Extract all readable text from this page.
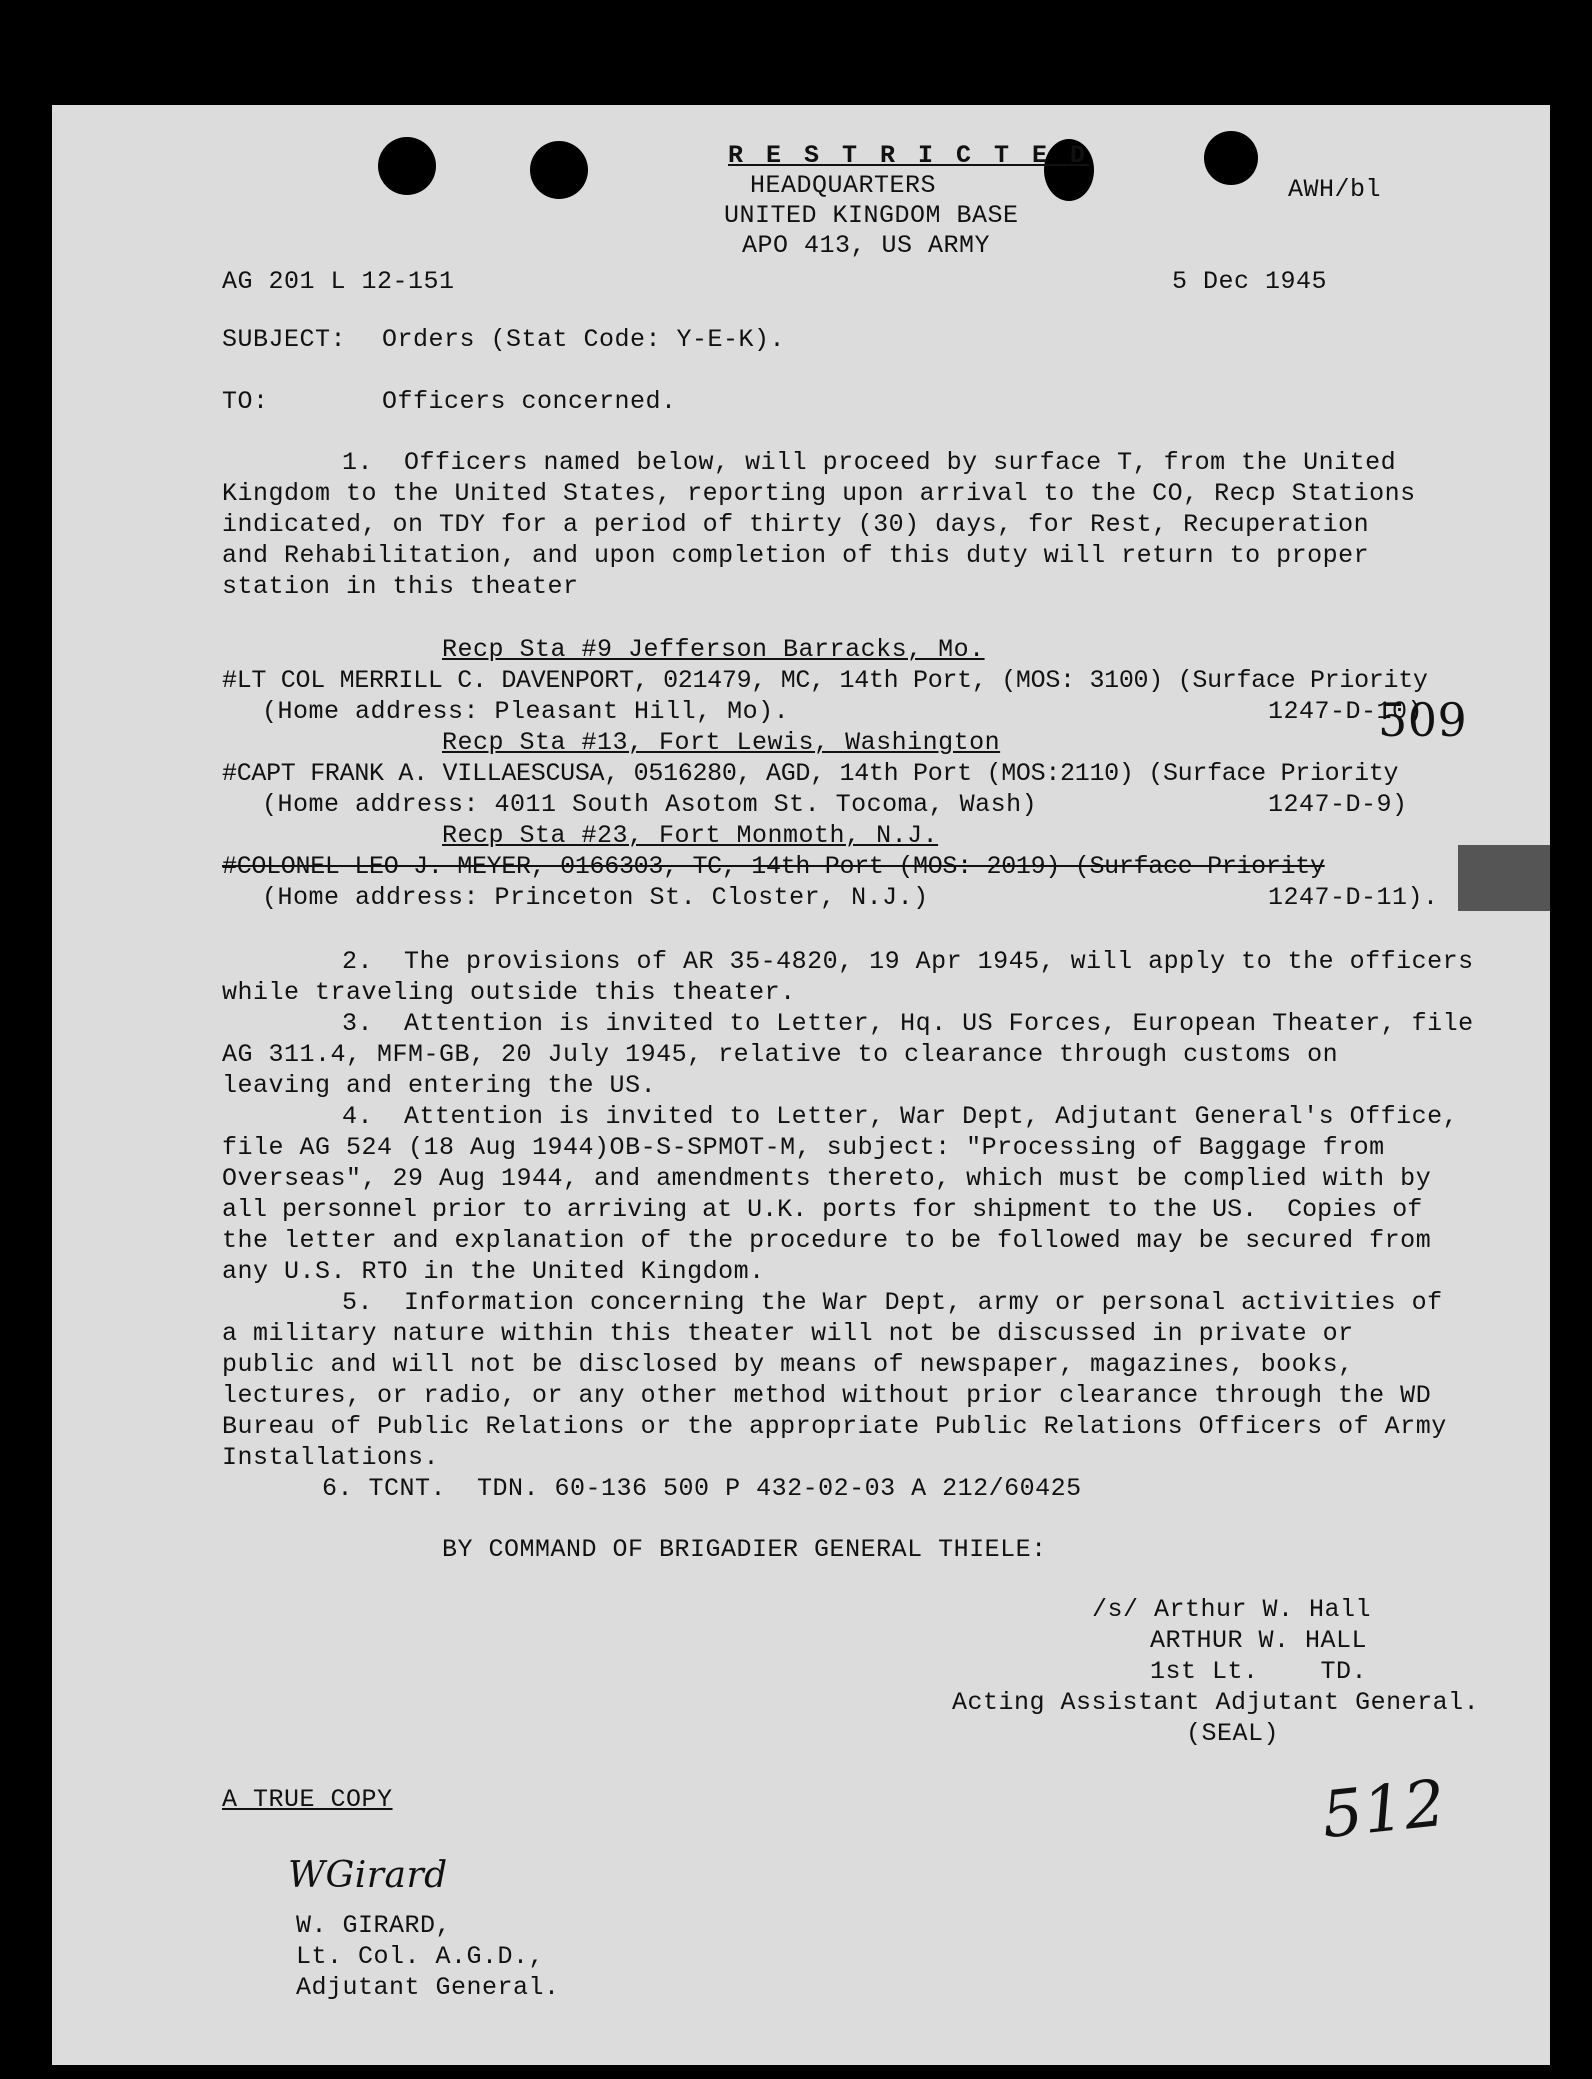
R E S T R I C T E D
HEADQUARTERS
UNITED KINGDOM BASE
APO 413, US ARMY
AWH/bl
AG 201 L 12-151	5 Dec 1945
SUBJECT: Orders (Stat Code: Y-E-K).
TO:	Officers concerned.
1.  Officers named below, will proceed by surface T, from the United
Kingdom to the United States, reporting upon arrival to the CO, Recp Stations
indicated, on TDY for a period of thirty (30) days, for Rest, Recuperation
and Rehabilitation, and upon completion of this duty will return to proper
station in this theater
Recp Sta #9 Jefferson Barracks, Mo.
#LT COL MERRILL C. DAVENPORT, 021479, MC, 14th Port, (MOS: 3100) (Surface Priority
(Home address: Pleasant Hill, Mo).	1247-D-10)
509
Recp Sta #13, Fort Lewis, Washington
#CAPT FRANK A. VILLAESCUSA, 0516280, AGD, 14th Port (MOS:2110) (Surface Priority
(Home address: 4011 South Asotom St. Tocoma, Wash)	1247-D-9)
Recp Sta #23, Fort Monmoth, N.J.
#COLONEL LEO J. MEYER, 0166303, TC, 14th Port (MOS: 2019) (Surface Priority
(Home address: Princeton St. Closter, N.J.)	1247-D-11).
2.  The provisions of AR 35-4820, 19 Apr 1945, will apply to the officers
while traveling outside this theater.
3.  Attention is invited to Letter, Hq. US Forces, European Theater, file
AG 311.4, MFM-GB, 20 July 1945, relative to clearance through customs on
leaving and entering the US.
4.  Attention is invited to Letter, War Dept, Adjutant General's Office,
file AG 524 (18 Aug 1944)OB-S-SPMOT-M, subject: "Processing of Baggage from
Overseas", 29 Aug 1944, and amendments thereto, which must be complied with by
all personnel prior to arriving at U.K. ports for shipment to the US.  Copies of
the letter and explanation of the procedure to be followed may be secured from
any U.S. RTO in the United Kingdom.
5.  Information concerning the War Dept, army or personal activities of
a military nature within this theater will not be discussed in private or
public and will not be disclosed by means of newspaper, magazines, books,
lectures, or radio, or any other method without prior clearance through the WD
Bureau of Public Relations or the appropriate Public Relations Officers of Army
Installations.
6. TCNT.  TDN. 60-136 500 P 432-02-03 A 212/60425
BY COMMAND OF BRIGADIER GENERAL THIELE:
/s/ Arthur W. Hall
ARTHUR W. HALL
1st Lt.    TD.
Acting Assistant Adjutant General.
(SEAL)
A TRUE COPY	512
WGirard
W. GIRARD,
Lt. Col. A.G.D.,
Adjutant General.
